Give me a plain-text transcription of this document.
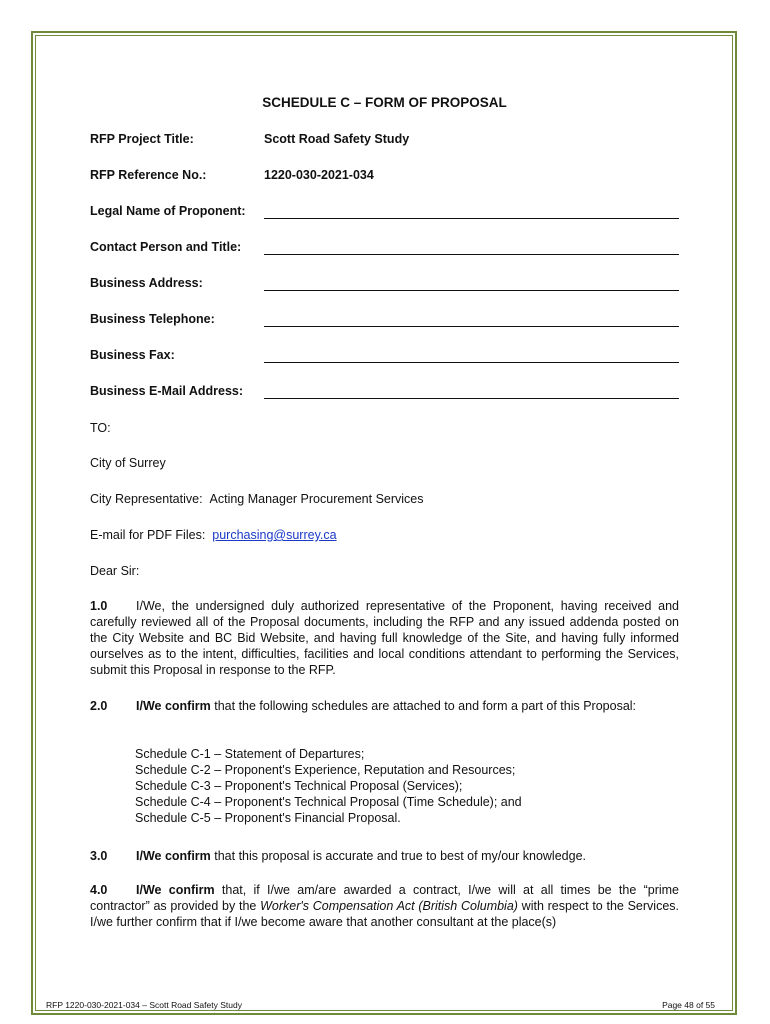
SCHEDULE C – FORM OF PROPOSAL
RFP Project Title:	Scott Road Safety Study
RFP Reference No.:	1220-030-2021-034
Legal Name of Proponent:
Contact Person and Title:
Business Address:
Business Telephone:
Business Fax:
Business E-Mail Address:
TO:
City of Surrey
City Representative: Acting Manager Procurement Services
E-mail for PDF Files: purchasing@surrey.ca
Dear Sir:
1.0 I/We, the undersigned duly authorized representative of the Proponent, having received and carefully reviewed all of the Proposal documents, including the RFP and any issued addenda posted on the City Website and BC Bid Website, and having full knowledge of the Site, and having fully informed ourselves as to the intent, difficulties, facilities and local conditions attendant to performing the Services, submit this Proposal in response to the RFP.
2.0 I/We confirm that the following schedules are attached to and form a part of this Proposal:
Schedule C-1 – Statement of Departures;
Schedule C-2 – Proponent's Experience, Reputation and Resources;
Schedule C-3 – Proponent's Technical Proposal (Services);
Schedule C-4 – Proponent's Technical Proposal (Time Schedule); and
Schedule C-5 – Proponent's Financial Proposal.
3.0 I/We confirm that this proposal is accurate and true to best of my/our knowledge.
4.0 I/We confirm that, if I/we am/are awarded a contract, I/we will at all times be the “prime contractor” as provided by the Worker's Compensation Act (British Columbia) with respect to the Services. I/we further confirm that if I/we become aware that another consultant at the place(s)
RFP 1220-030-2021-034 – Scott Road Safety Study	Page 48 of 55
